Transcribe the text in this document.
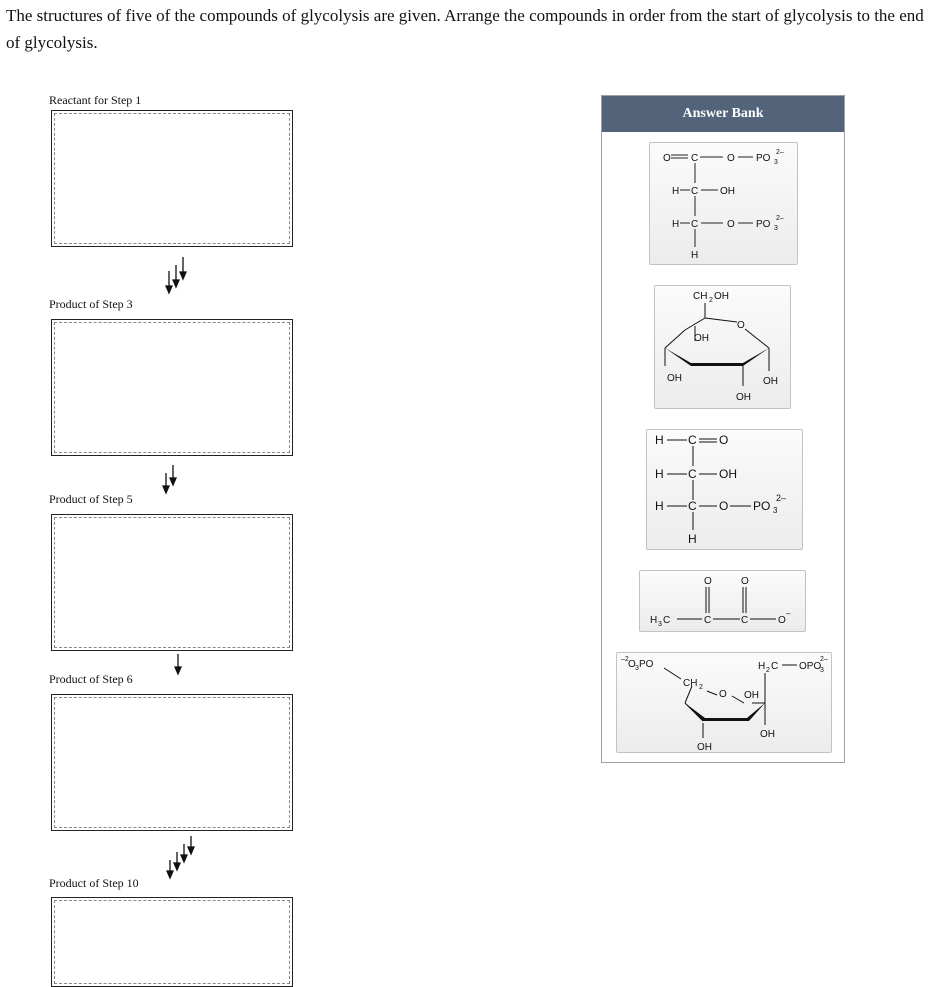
The structures of five of the compounds of glycolysis are given. Arrange the compounds in order from the start of glycolysis to the end of glycolysis.
Reactant for Step 1
Product of Step 3
Product of Step 5
Product of Step 6
Product of Step 10
Answer Bank
O C	O PO 3
2–
H C OH
H C	O PO 3
2–
H
CH 2 OH
O
OH
OH	OH
OH
H C O
H C OH
H C O PO 3
2–
H
O	O
H 3 C	C	C	O
–
–2 O 3 PO
CH 2
O OH
H 2 C OPO
3
2–
OH
OH
